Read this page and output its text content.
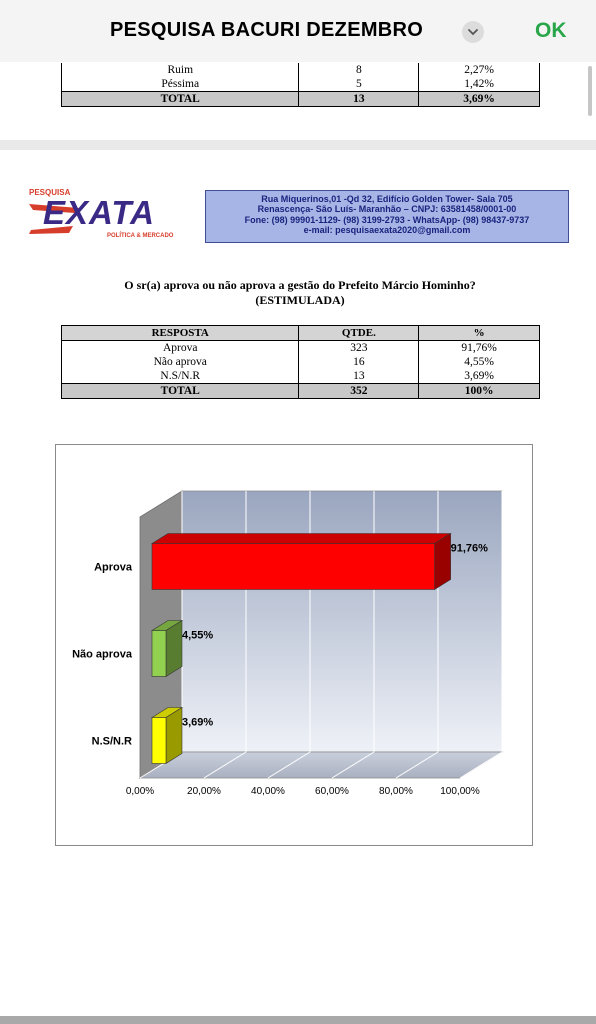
PESQUISA BACURI DEZEMBRO	OK
Ruim	8	2,27%
Péssima	5	1,42%
TOTAL	13	3,69%
PESQUISA
EXATA
POLÍTICA & MERCADO
Rua Miquerinos,01 -Qd 32, Edifício Golden Tower- Sala 705
Renascença- São Luís- Maranhão – CNPJ: 63581458/0001-00
Fone: (98) 99901-1129- (98) 3199-2793 - WhatsApp- (98) 98437-9737
e-mail: pesquisaexata2020@gmail.com
O sr(a) aprova ou não aprova a gestão do Prefeito Márcio Hominho?
(ESTIMULADA)
RESPOSTA	QTDE.	%
Aprova	323	91,76%
Não aprova	16	4,55%
N.S/N.R	13	3,69%
TOTAL	352	100%
0,00%	20,00%	40,00%	60,00%	80,00%	100,00%
91,76%
Aprova
4,55%
Não aprova
3,69%
N.S/N.R
